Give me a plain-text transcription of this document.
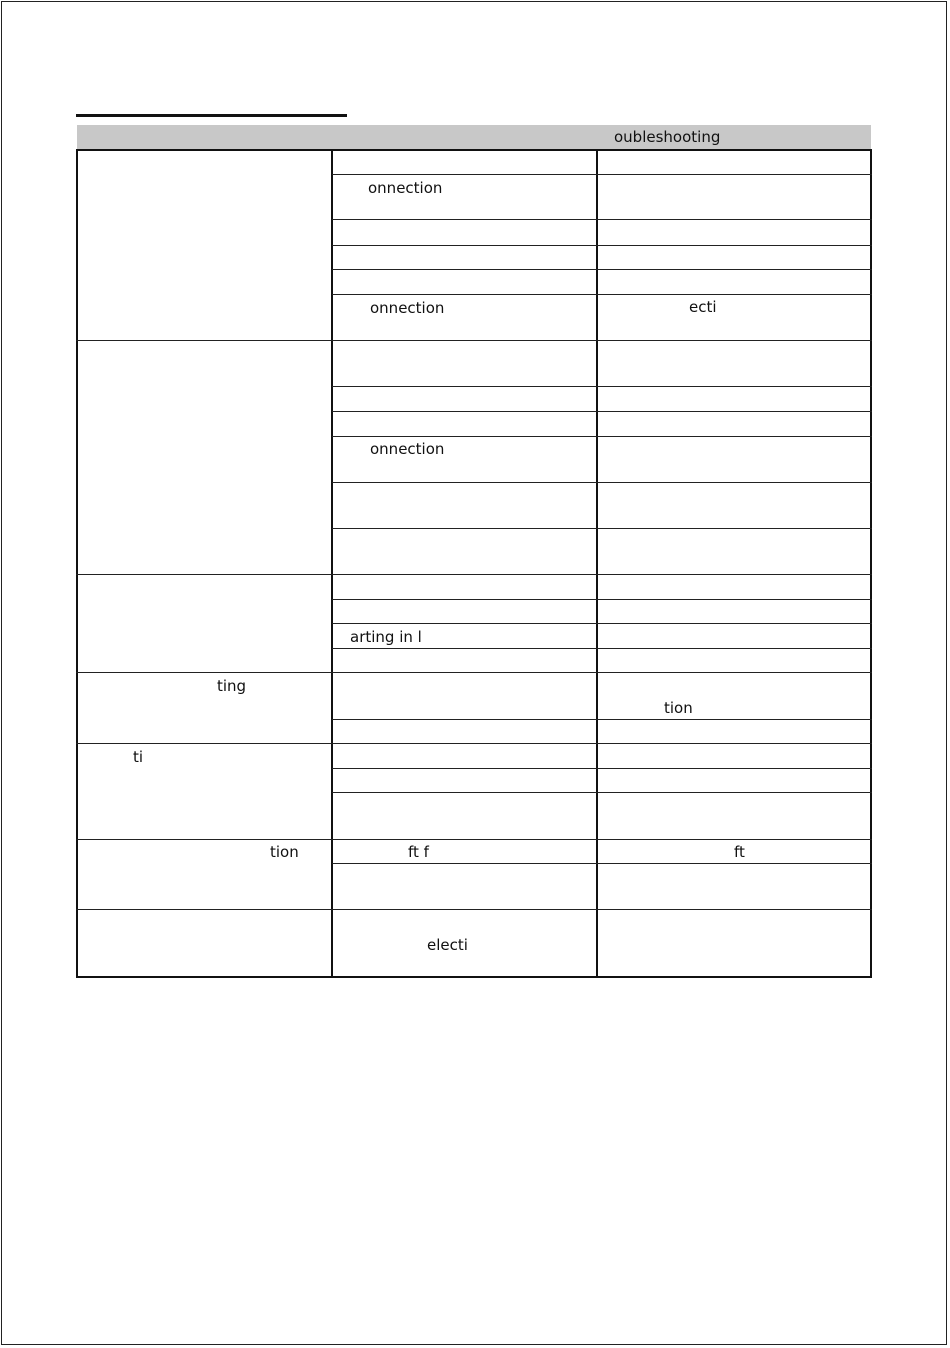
oubleshooting
ting
ti
tion
onnection
onnection
onnection
arting in l
ft f
electi
ecti
tion
ft
